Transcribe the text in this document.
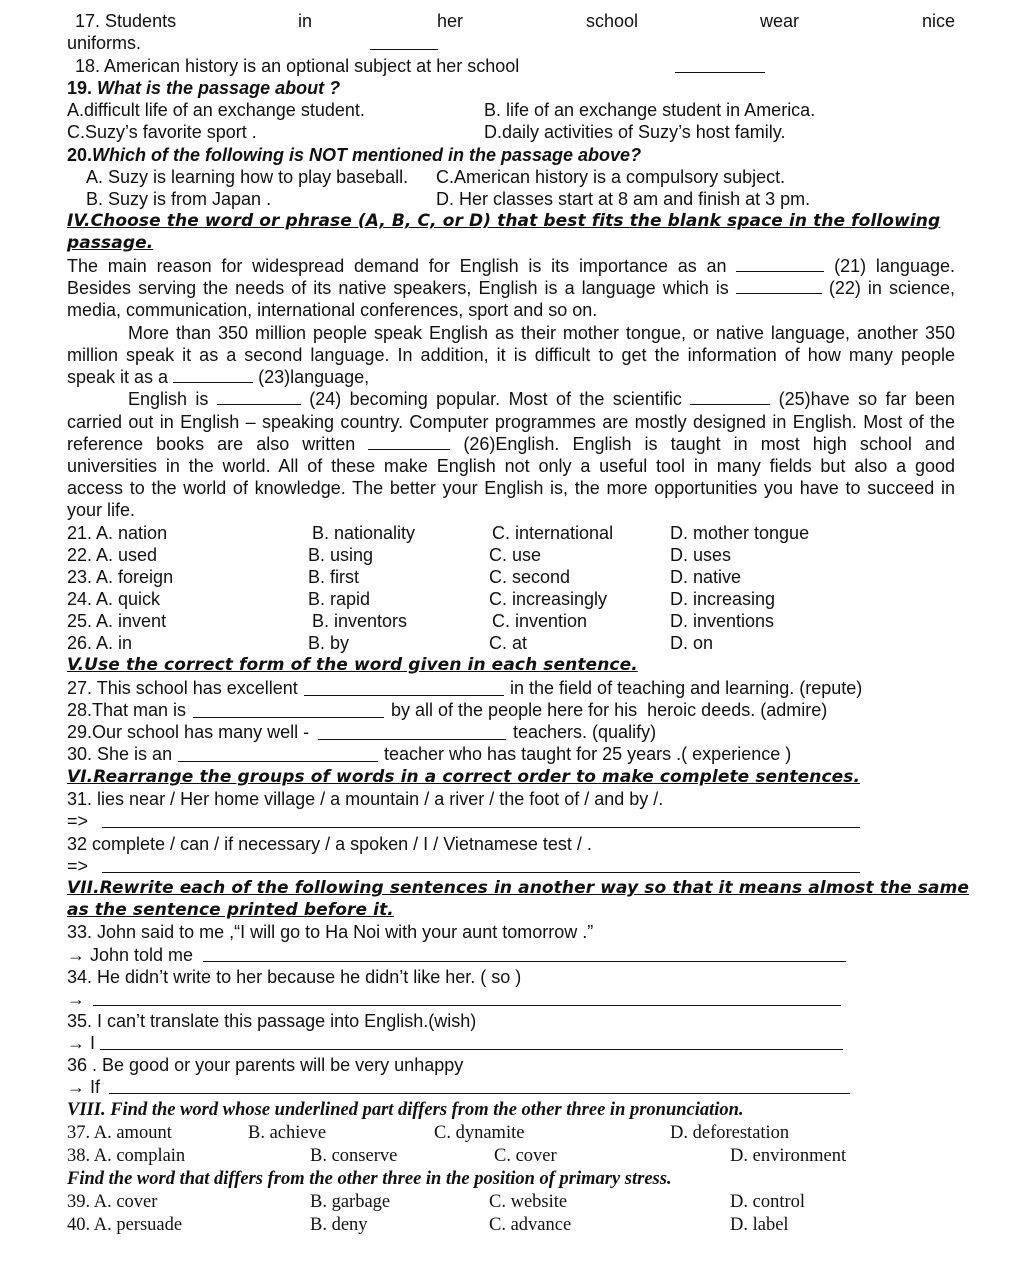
17. Students	in	her	school	wear	nice
uniforms.
18. American history is an optional subject at her school
19. What is the passage about ?
A.difficult life of an exchange student.	B. life of an exchange student in America.
C.Suzy’s favorite sport .	D.daily activities of Suzy’s host family.
20.Which of the following is NOT mentioned in the passage above?
A. Suzy is learning how to play baseball. C.American history is a compulsory subject.
B. Suzy is from Japan .	D. Her classes start at 8 am and finish at 3 pm.
IV.Choose the word or phrase (A, B, C, or D) that best fits the blank space in the following
passage.
The main reason for widespread demand for English is its importance as an	(21) language.
Besides serving the needs of its native speakers, English is a language which is	(22) in science,
media, communication, international conferences, sport and so on.
More than 350 million people speak English as their mother tongue, or native language, another 350
million speak it as a second language. In addition, it is difficult to get the information of how many people
speak it as a	(23)language,
English is	(24) becoming popular. Most of the scientific	(25)have so far been
carried out in English – speaking country. Computer programmes are mostly designed in English. Most of the
reference books are also written	(26)English. English is taught in most high school and
universities in the world. All of these make English not only a useful tool in many fields but also a good
access to the world of knowledge. The better your English is, the more opportunities you have to succeed in
your life.
21. A. nation	B. nationality	C. international	D. mother tongue
22. A. used	B. using	C. use	D. uses
23. A. foreign	B. first	C. second	D. native
24. A. quick	B. rapid	C. increasingly	D. increasing
25. A. invent	B. inventors	C. invention	D. inventions
26. A. in	B. by	C. at	D. on
V.Use the correct form of the word given in each sentence.
27. This school has excellent	in the field of teaching and learning. (repute)
28.That man is	by all of the people here for his  heroic deeds. (admire)
29.Our school has many well -	teachers. (qualify)
30. She is an	teacher who has taught for 25 years .( experience )
VI.Rearrange the groups of words in a correct order to make complete sentences.
31. lies near / Her home village / a mountain / a river / the foot of / and by /.
=>
32 complete / can / if necessary / a spoken / I / Vietnamese test / .
=>
VII.Rewrite each of the following sentences in another way so that it means almost the same
as the sentence printed before it.
33. John said to me ,“I will go to Ha Noi with your aunt tomorrow .”
→ John told me
34. He didn’t write to her because he didn’t like her. ( so )
→
35. I can’t translate this passage into English.(wish)
→ I
36 . Be good or your parents will be very unhappy
→ If
VIII. Find the word whose underlined part differs from the other three in pronunciation.
37. A. amount	B. achieve	C. dynamite	D. deforestation
38. A. complain	B. conserve	C. cover	D. environment
Find the word that differs from the other three in the position of primary stress.
39. A. cover	B. garbage	C. website	D. control
40. A. persuade	B. deny	C. advance	D. label
